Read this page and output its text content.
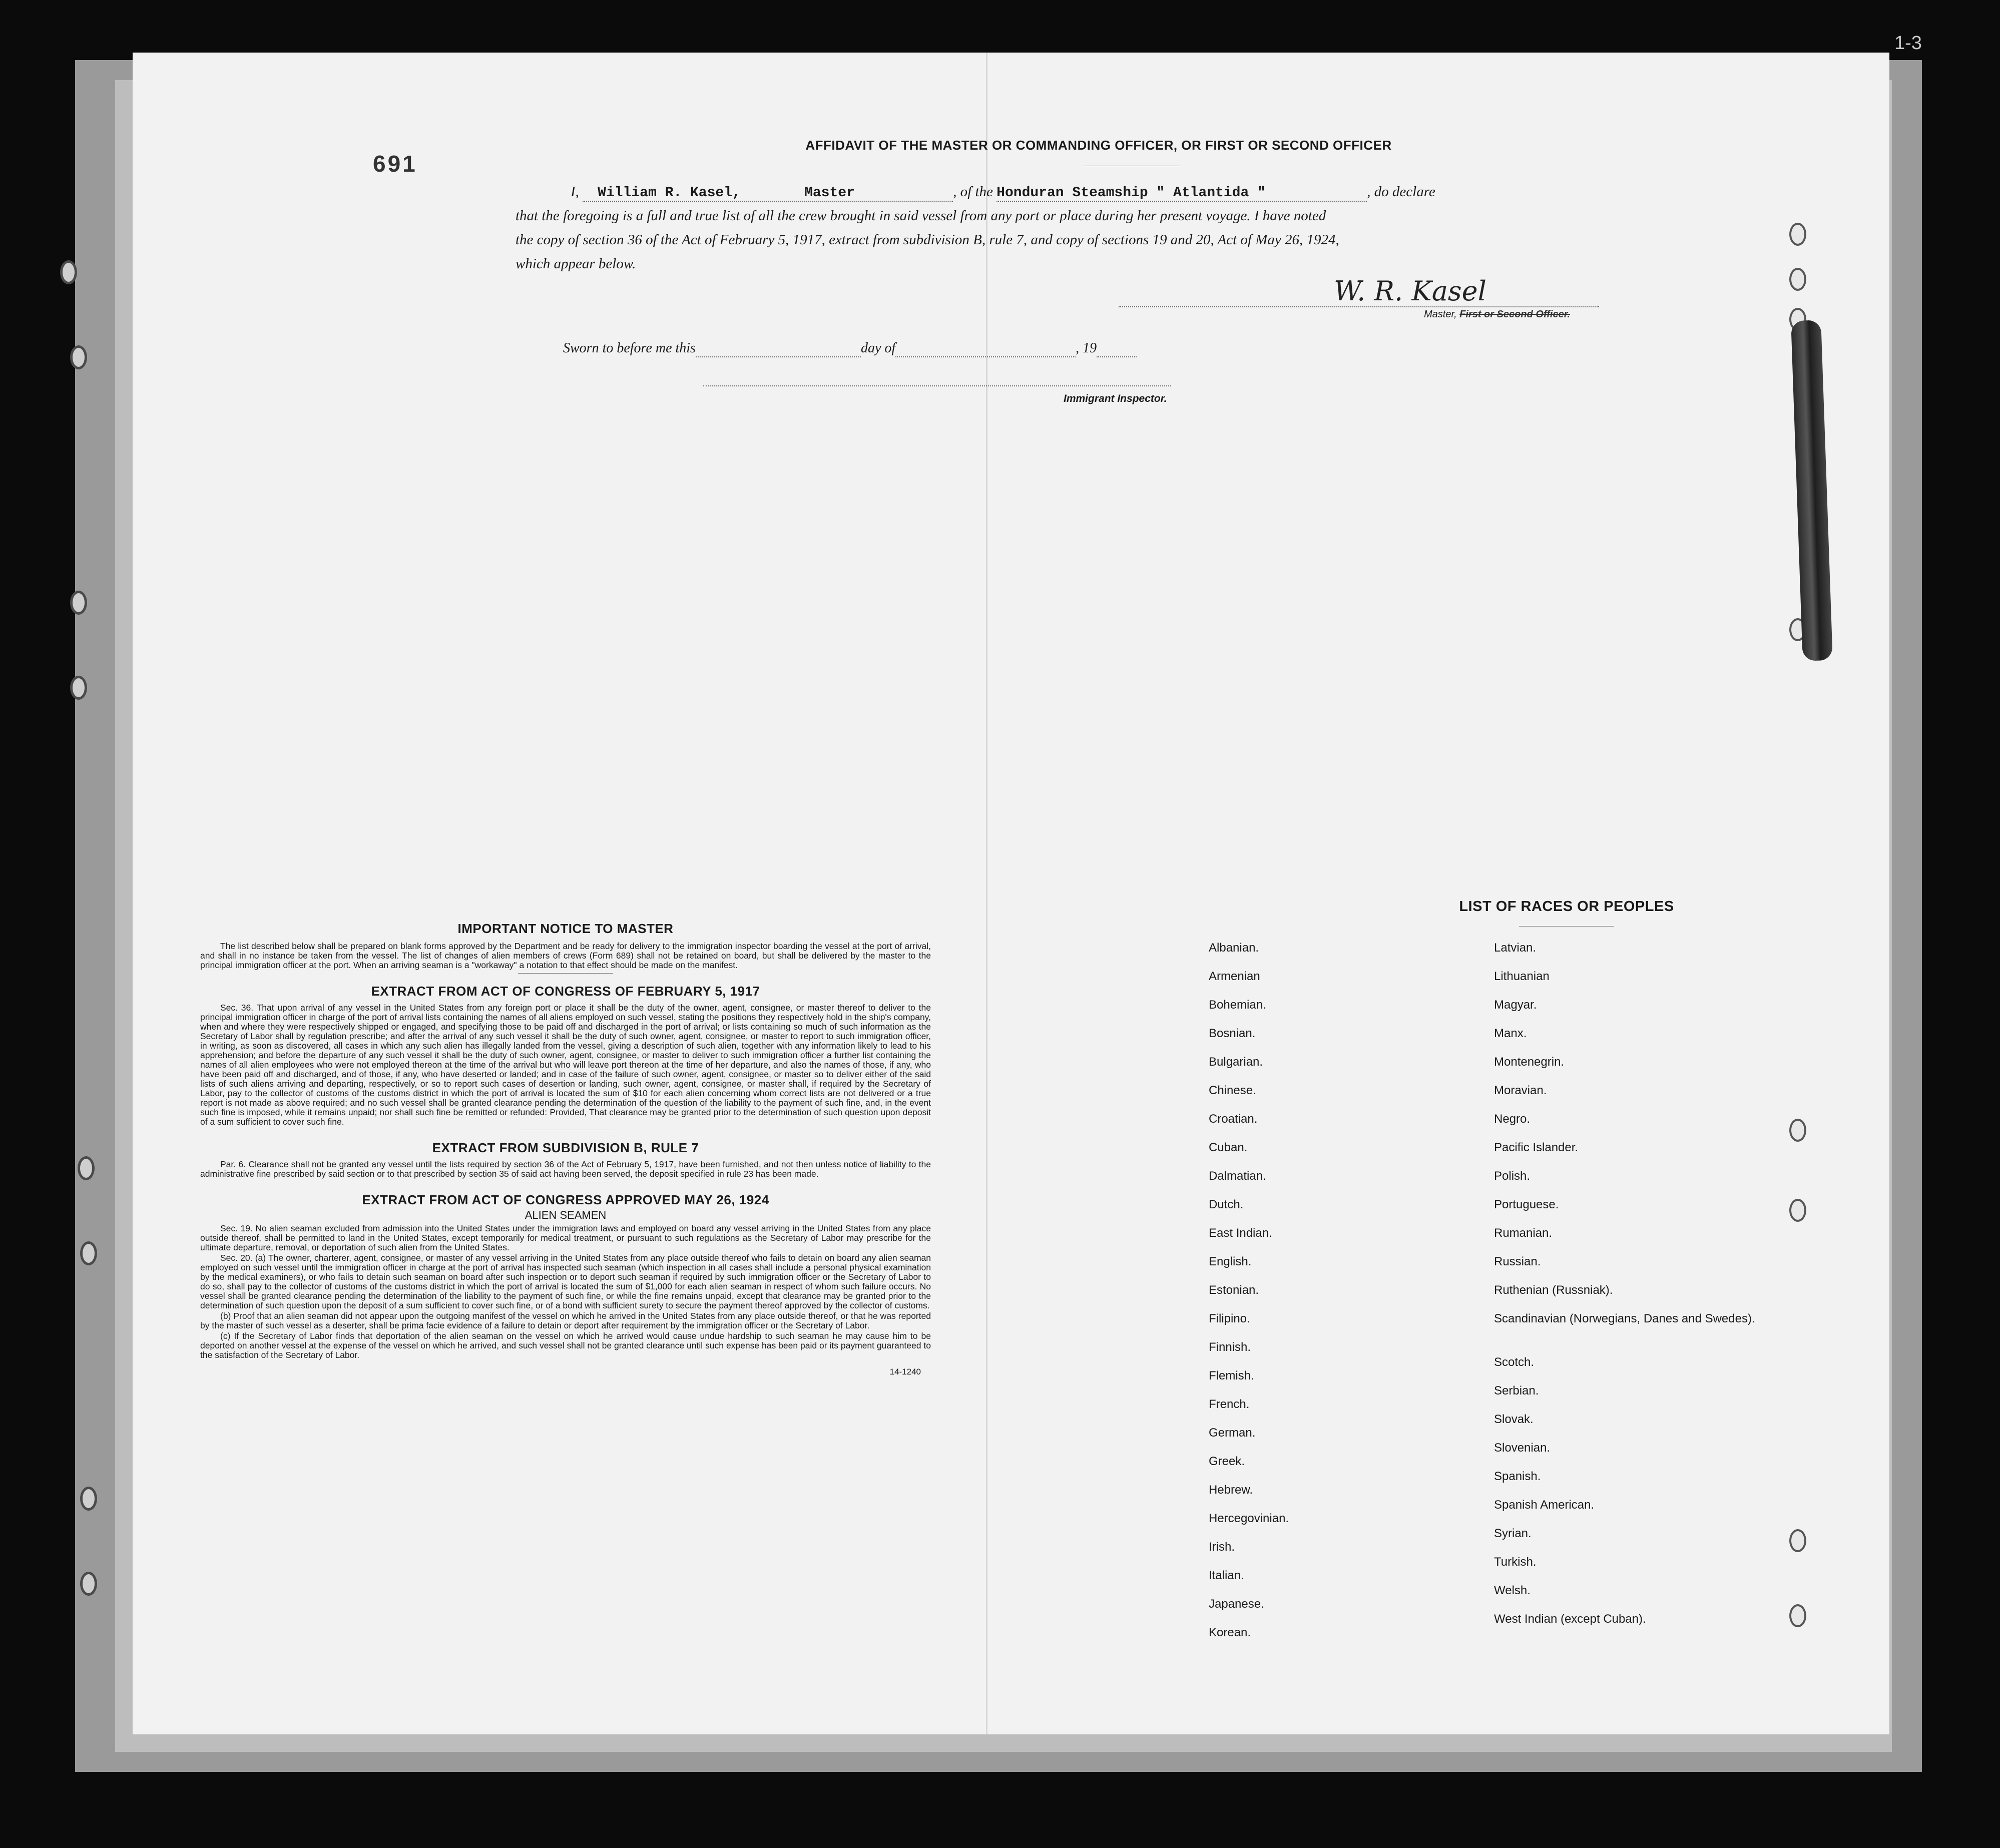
1-3
691
AFFIDAVIT OF THE MASTER OR COMMANDING OFFICER, OR FIRST OR SECOND OFFICER
I, William R. Kasel,	Master	, of the Honduran Steamship " Atlantida "	, do declare
that the foregoing is a full and true list of all the crew brought in said vessel from any port or place during her present voyage. I have noted
the copy of section 36 of the Act of February 5, 1917, extract from subdivision B, rule 7, and copy of sections 19 and 20, Act of May 26, 1924,
which appear below.
W. R. Kasel
Master, First or Second Officer.
Sworn to before me this	day of	, 19
Immigrant Inspector.

IMPORTANT NOTICE TO MASTER

The list described below shall be prepared on blank forms approved by the Department and be ready for delivery to the immigration inspector boarding the vessel at the port of arrival, and shall in no instance be taken from the vessel. The list of changes of alien members of crews (Form 689) shall not be retained on board, but shall be delivered by the master to the principal immigration officer at the port. When an arriving seaman is a "workaway" a notation to that effect should be made on the manifest.

EXTRACT FROM ACT OF CONGRESS OF FEBRUARY 5, 1917

Sec. 36. That upon arrival of any vessel in the United States from any foreign port or place it shall be the duty of the owner, agent, consignee, or master thereof to deliver to the principal immigration officer in charge of the port of arrival lists containing the names of all aliens employed on such vessel, stating the positions they respectively hold in the ship's company, when and where they were respectively shipped or engaged, and specifying those to be paid off and discharged in the port of arrival; or lists containing so much of such information as the Secretary of Labor shall by regulation prescribe; and after the arrival of any such vessel it shall be the duty of such owner, agent, consignee, or master to report to such immigration officer, in writing, as soon as discovered, all cases in which any such alien has illegally landed from the vessel, giving a description of such alien, together with any information likely to lead to his apprehension; and before the departure of any such vessel it shall be the duty of such owner, agent, consignee, or master to deliver to such immigration officer a further list containing the names of all alien employees who were not employed thereon at the time of the arrival but who will leave port thereon at the time of her departure, and also the names of those, if any, who have been paid off and discharged, and of those, if any, who have deserted or landed; and in case of the failure of such owner, agent, consignee, or master so to deliver either of the said lists of such aliens arriving and departing, respectively, or so to report such cases of desertion or landing, such owner, agent, consignee, or master shall, if required by the Secretary of Labor, pay to the collector of customs of the customs district in which the port of arrival is located the sum of $10 for each alien concerning whom correct lists are not delivered or a true report is not made as above required; and no such vessel shall be granted clearance pending the determination of the question of the liability to the payment of such fine, and, in the event such fine is imposed, while it remains unpaid; nor shall such fine be remitted or refunded: Provided, That clearance may be granted prior to the determination of such question upon deposit of a sum sufficient to cover such fine.

EXTRACT FROM SUBDIVISION B, RULE 7

Par. 6. Clearance shall not be granted any vessel until the lists required by section 36 of the Act of February 5, 1917, have been furnished, and not then unless notice of liability to the administrative fine prescribed by said section or to that prescribed by section 35 of said act having been served, the deposit specified in rule 23 has been made.

EXTRACT FROM ACT OF CONGRESS APPROVED MAY 26, 1924

ALIEN SEAMEN

Sec. 19. No alien seaman excluded from admission into the United States under the immigration laws and employed on board any vessel arriving in the United States from any place outside thereof, shall be permitted to land in the United States, except temporarily for medical treatment, or pursuant to such regulations as the Secretary of Labor may prescribe for the ultimate departure, removal, or deportation of such alien from the United States.

Sec. 20. (a) The owner, charterer, agent, consignee, or master of any vessel arriving in the United States from any place outside thereof who fails to detain on board any alien seaman employed on such vessel until the immigration officer in charge at the port of arrival has inspected such seaman (which inspection in all cases shall include a personal physical examination by the medical examiners), or who fails to detain such seaman on board after such inspection or to deport such seaman if required by such immigration officer or the Secretary of Labor to do so, shall pay to the collector of customs of the customs district in which the port of arrival is located the sum of $1,000 for each alien seaman in respect of whom such failure occurs. No vessel shall be granted clearance pending the determination of the liability to the payment of such fine, or while the fine remains unpaid, except that clearance may be granted prior to the determination of such question upon the deposit of a sum sufficient to cover such fine, or of a bond with sufficient surety to secure the payment thereof approved by the collector of customs.

(b) Proof that an alien seaman did not appear upon the outgoing manifest of the vessel on which he arrived in the United States from any place outside thereof, or that he was reported by the master of such vessel as a deserter, shall be prima facie evidence of a failure to detain or deport after requirement by the immigration officer or the Secretary of Labor.

(c) If the Secretary of Labor finds that deportation of the alien seaman on the vessel on which he arrived would cause undue hardship to such seaman he may cause him to be deported on another vessel at the expense of the vessel on which he arrived, and such vessel shall not be granted clearance until such expense has been paid or its payment guaranteed to the satisfaction of the Secretary of Labor.

14-1240
LIST OF RACES OR PEOPLES
Albanian.
Armenian
Bohemian.
Bosnian.
Bulgarian.
Chinese.
Croatian.
Cuban.
Dalmatian.
Dutch.
East Indian.
English.
Estonian.
Filipino.
Finnish.
Flemish.
French.
German.
Greek.
Hebrew.
Hercegovinian.
Irish.
Italian.
Japanese.
Korean.
Latvian.
Lithuanian
Magyar.
Manx.
Montenegrin.
Moravian.
Negro.
Pacific Islander.
Polish.
Portuguese.
Rumanian.
Russian.
Ruthenian (Russniak).
Scandinavian (Norwegians, Danes and Swedes).
Scotch.
Serbian.
Slovak.
Slovenian.
Spanish.
Spanish American.
Syrian.
Turkish.
Welsh.
West Indian (except Cuban).
